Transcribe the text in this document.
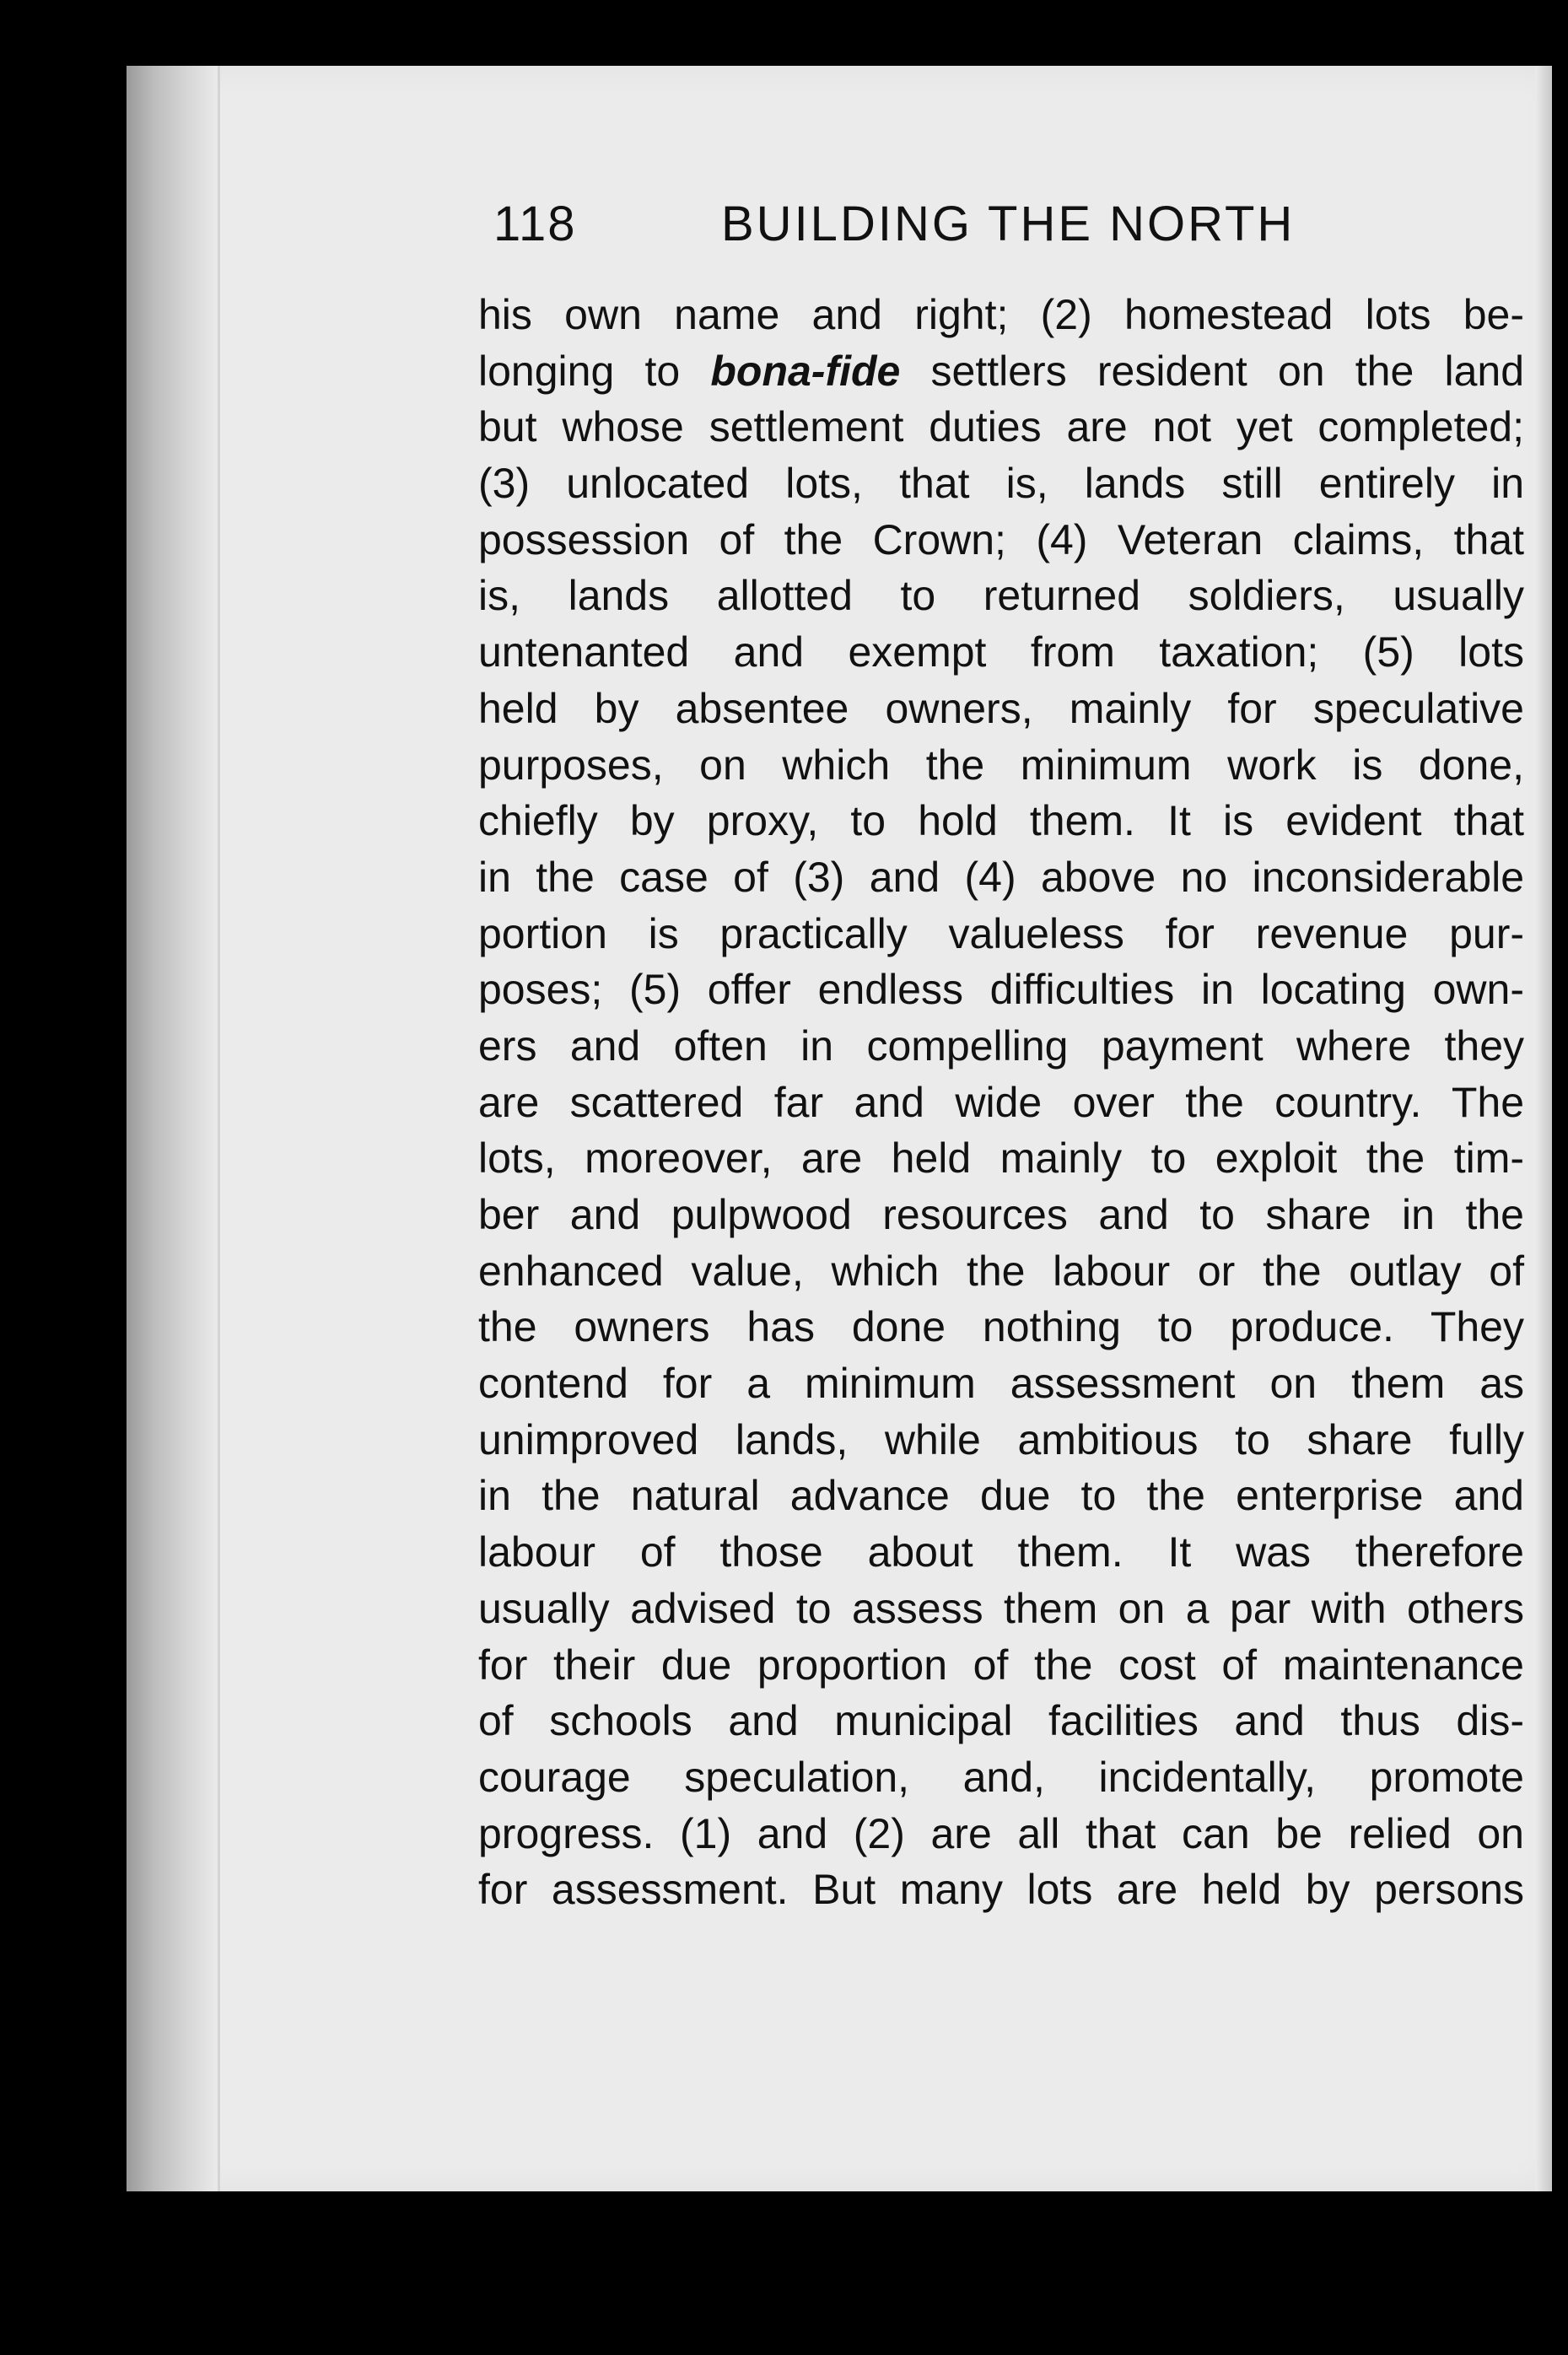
118	BUILDING THE NORTH
his own name and right; (2) homestead lots be-
longing to bona-fide settlers resident on the land
but whose settlement duties are not yet completed;
(3) unlocated lots, that is, lands still entirely in
possession of the Crown; (4) Veteran claims, that
is, lands allotted to returned soldiers, usually
untenanted and exempt from taxation; (5) lots
held by absentee owners, mainly for speculative
purposes, on which the minimum work is done,
chiefly by proxy, to hold them. It is evident that
in the case of (3) and (4) above no inconsiderable
portion is practically valueless for revenue pur-
poses; (5) offer endless difficulties in locating own-
ers and often in compelling payment where they
are scattered far and wide over the country. The
lots, moreover, are held mainly to exploit the tim-
ber and pulpwood resources and to share in the
enhanced value, which the labour or the outlay of
the owners has done nothing to produce. They
contend for a minimum assessment on them as
unimproved lands, while ambitious to share fully
in the natural advance due to the enterprise and
labour of those about them. It was therefore
usually advised to assess them on a par with others
for their due proportion of the cost of maintenance
of schools and municipal facilities and thus dis-
courage speculation, and, incidentally, promote
progress. (1) and (2) are all that can be relied on
for assessment. But many lots are held by persons
